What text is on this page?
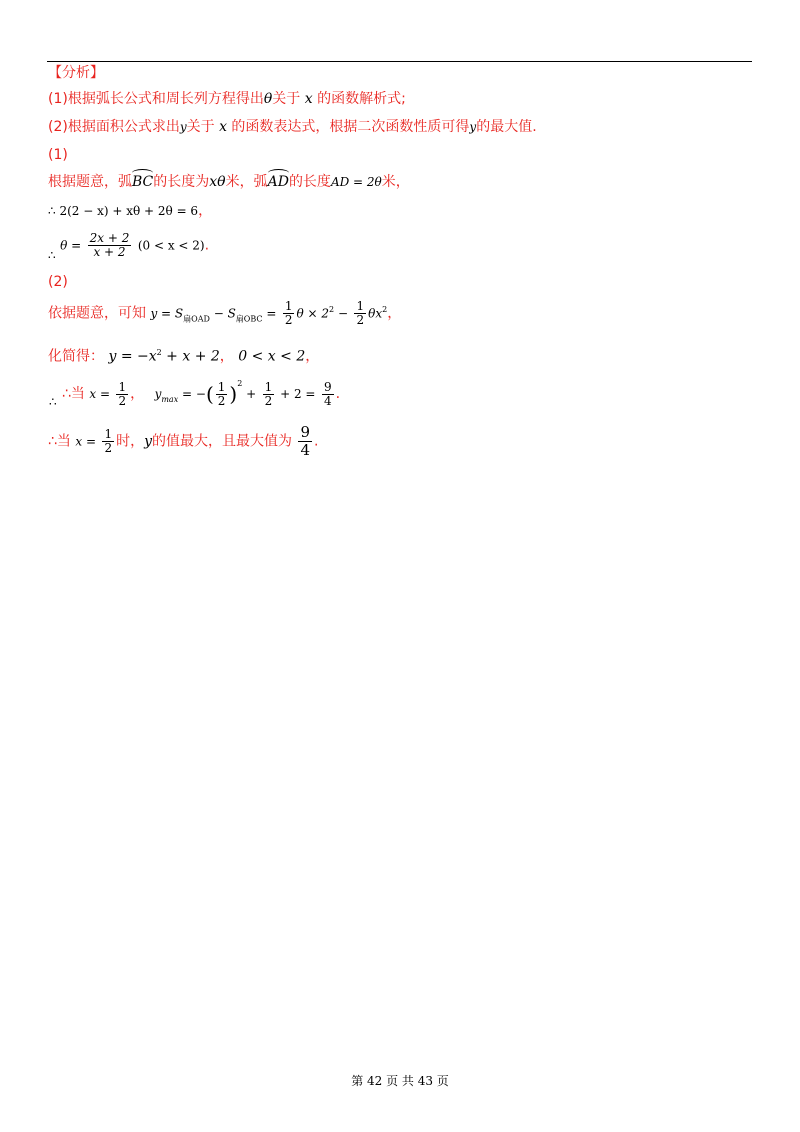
【分析】
(1)根据弧长公式和周长列方程得出θ关于 x 的函数解析式;
(2)根据面积公式求出y关于 x 的函数表达式，根据二次函数性质可得y的最大值.
(1)
根据题意，弧BC的长度为xθ米，弧AD的长度AD = 2θ米，
∴ 2(2 − x) + xθ + 2θ = 6，
∴ $\theta = \frac{2x + 2}{x + 2} (0 < x < 2)$.
(2)
依据题意，可知 $y = S_{扇OAD} - S_{扇OBC} = \frac{1}{2}$ $\theta \times 2^2 - \frac{1}{2} \theta x^2$，
化简得： $y = -x^2 + x + 2$， 0 < x < 2，
∴ ∴当 $x = \frac{1}{2}$ ， $y_{max}$ = −( $\frac{1}{2} )^2 + \frac{1}{2} + 2 = \frac{9}{4}$ .
∴当 $x = \frac{1}{2}$ 时，y的值最大，且最大值为 $\frac{9}{4}$ .
第 42 页 共 43 页
